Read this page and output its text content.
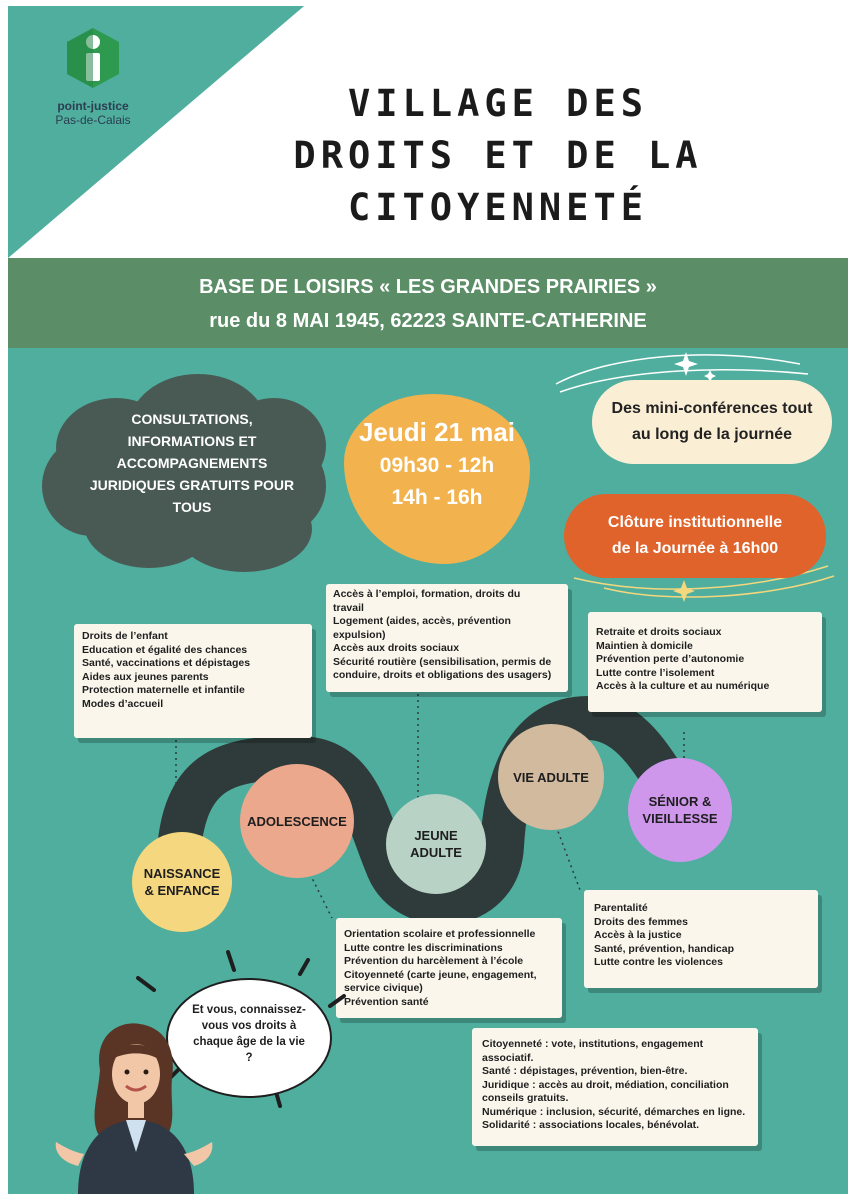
point-justice
Pas-de-Calais	VILLAGE DES
DROITS ET DE LA
CITOYENNETÉ
BASE DE LOISIRS « LES GRANDES PRAIRIES »
rue du 8 MAI 1945, 62223 SAINTE-CATHERINE
CONSULTATIONS,
INFORMATIONS ET
ACCOMPAGNEMENTS
JURIDIQUES GRATUITS POUR
TOUS
Jeudi 21 mai
09h30 - 12h
14h - 16h
Des mini-conférences tout
au long de la journée
Clôture institutionnelle
de la Journée à 16h00
NAISSANCE
& ENFANCE
ADOLESCENCE
JEUNE
ADULTE
VIE ADULTE
SÉNIOR &
VIEILLESSE
Droits de l’enfant
Education et égalité des chances
Santé, vaccinations et dépistages
Aides aux jeunes parents
Protection maternelle et infantile
Modes d’accueil
Accès à l’emploi, formation, droits du
travail
Logement (aides, accès, prévention
expulsion)
Accès aux droits sociaux
Sécurité routière (sensibilisation, permis de
conduire, droits et obligations des usagers)
Retraite et droits sociaux
Maintien à domicile
Prévention perte d’autonomie
Lutte contre l’isolement
Accès à la culture et au numérique
Orientation scolaire et professionnelle
Lutte contre les discriminations
Prévention du harcèlement à l’école
Citoyenneté (carte jeune, engagement,
service civique)
Prévention santé
Parentalité
Droits des femmes
Accès à la justice
Santé, prévention, handicap
Lutte contre les violences
Citoyenneté : vote, institutions, engagement
associatif.
Santé : dépistages, prévention, bien-être.
Juridique : accès au droit, médiation, conciliation
conseils gratuits.
Numérique : inclusion, sécurité, démarches en ligne.
Solidarité : associations locales, bénévolat.
Et vous, connaissez-
vous vos droits à
chaque âge de la vie
?
